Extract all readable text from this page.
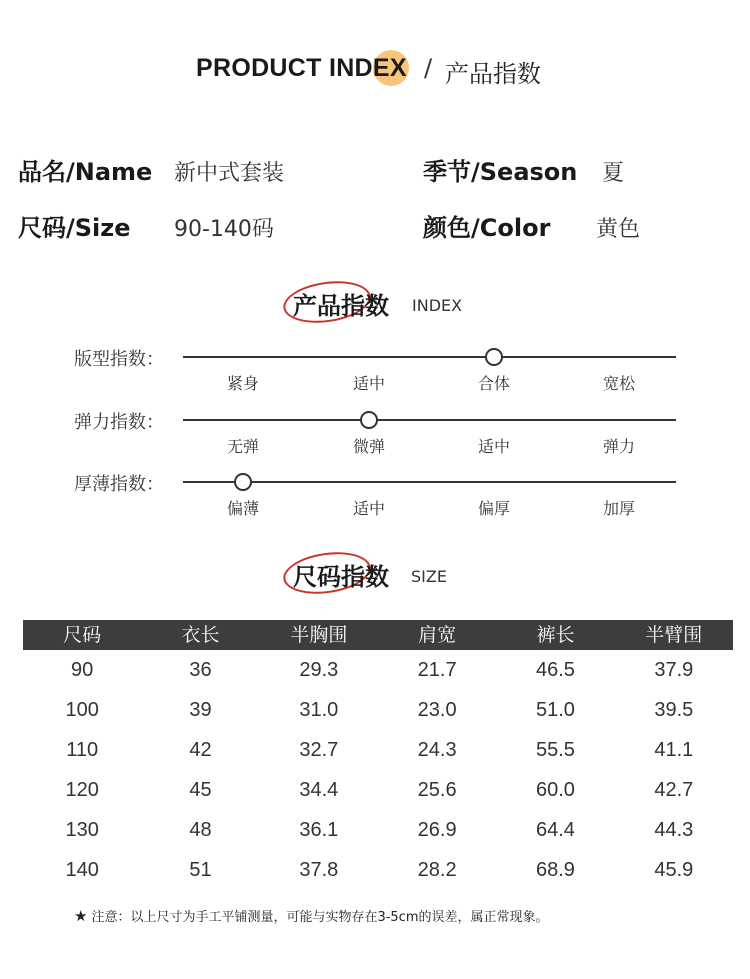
PRODUCT INDEX / 产品指数
品名/Name 新中式套装	季节/Season 夏
尺码/Size 90-140码	颜色/Color 黄色
产品指数 INDEX
版型指数：
紧身	适中	合体	宽松
弹力指数：
无弹	微弹	适中	弹力
厚薄指数：
偏薄	适中	偏厚	加厚
尺码指数 SIZE
尺码	衣长	半胸围	肩宽	裤长	半臂围
90	36	29.3	21.7	46.5	37.9
100	39	31.0	23.0	51.0	39.5
110	42	32.7	24.3	55.5	41.1
120	45	34.4	25.6	60.0	42.7
130	48	36.1	26.9	64.4	44.3
140	51	37.8	28.2	68.9	45.9
★ 注意：以上尺寸为手工平铺测量，可能与实物存在3-5cm的误差，属正常现象。
